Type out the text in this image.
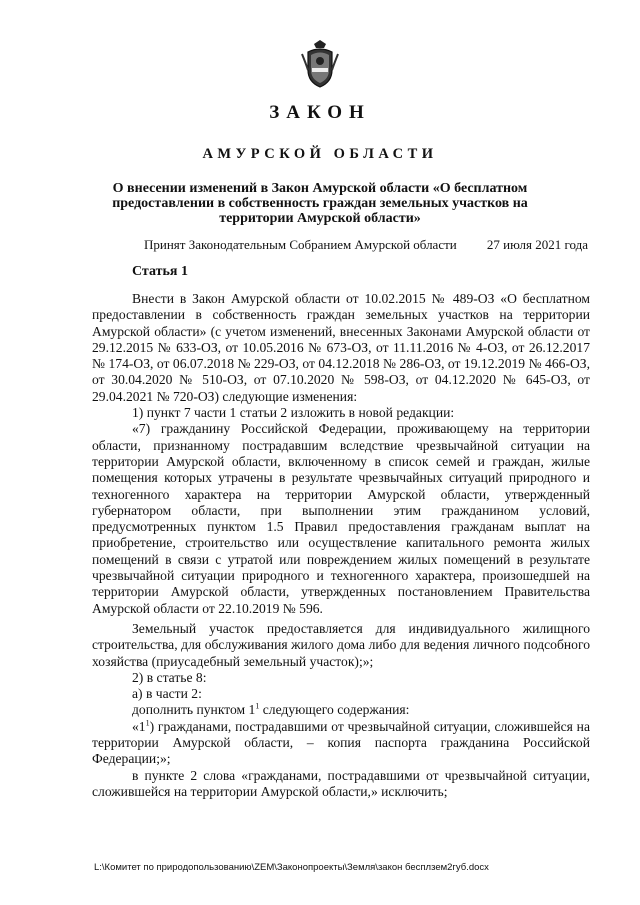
ЗАКОН
АМУРСКОЙ ОБЛАСТИ
О внесении изменений в Закон Амурской области «О бесплатном предоставлении в собственность граждан земельных участков на территории Амурской области»
Принят Законодательным Собранием Амурской области 27 июля 2021 года
Статья 1

Внести в Закон Амурской области от 10.02.2015 № 489-ОЗ «О бесплатном предоставлении в собственность граждан земельных участков на территории Амурской области» (с учетом изменений, внесенных Законами Амурской области от 29.12.2015 № 633-ОЗ, от 10.05.2016 № 673-ОЗ, от 11.11.2016 № 4-ОЗ, от 26.12.2017 № 174-ОЗ, от 06.07.2018 № 229-ОЗ, от 04.12.2018 № 286-ОЗ, от 19.12.2019 № 466-ОЗ, от 30.04.2020 № 510-ОЗ, от 07.10.2020 № 598-ОЗ, от 04.12.2020 № 645-ОЗ, от 29.04.2021 № 720-ОЗ) следующие изменения:

1) пункт 7 части 1 статьи 2 изложить в новой редакции:

«7) гражданину Российской Федерации, проживающему на территории области, признанному пострадавшим вследствие чрезвычайной ситуации на территории Амурской области, включенному в список семей и граждан, жилые помещения которых утрачены в результате чрезвычайных ситуаций природного и техногенного характера на территории Амурской области, утвержденный губернатором области, при выполнении этим гражданином условий, предусмотренных пунктом 1.5 Правил предоставления гражданам выплат на приобретение, строительство или осуществление капитального ремонта жилых помещений в связи с утратой или повреждением жилых помещений в результате чрезвычайной ситуации природного и техногенного характера, произошедшей на территории Амурской области, утвержденных постановлением Правительства Амурской области от 22.10.2019 № 596.

Земельный участок предоставляется для индивидуального жилищного строительства, для обслуживания жилого дома либо для ведения личного подсобного хозяйства (приусадебный земельный участок);»;

2) в статье 8:

а) в части 2:

дополнить пунктом $1^1$ следующего содержания:

«$1^1$) гражданами, пострадавшими от чрезвычайной ситуации, сложившейся на территории Амурской области, – копия паспорта гражданина Российской Федерации;»;

в пункте 2 слова «гражданами, пострадавшими от чрезвычайной ситуации, сложившейся на территории Амурской области,» исключить;

L:\Комитет по природопользованию\ZEM\Законопроекты\Земля\закон бесплзем2губ.docx
